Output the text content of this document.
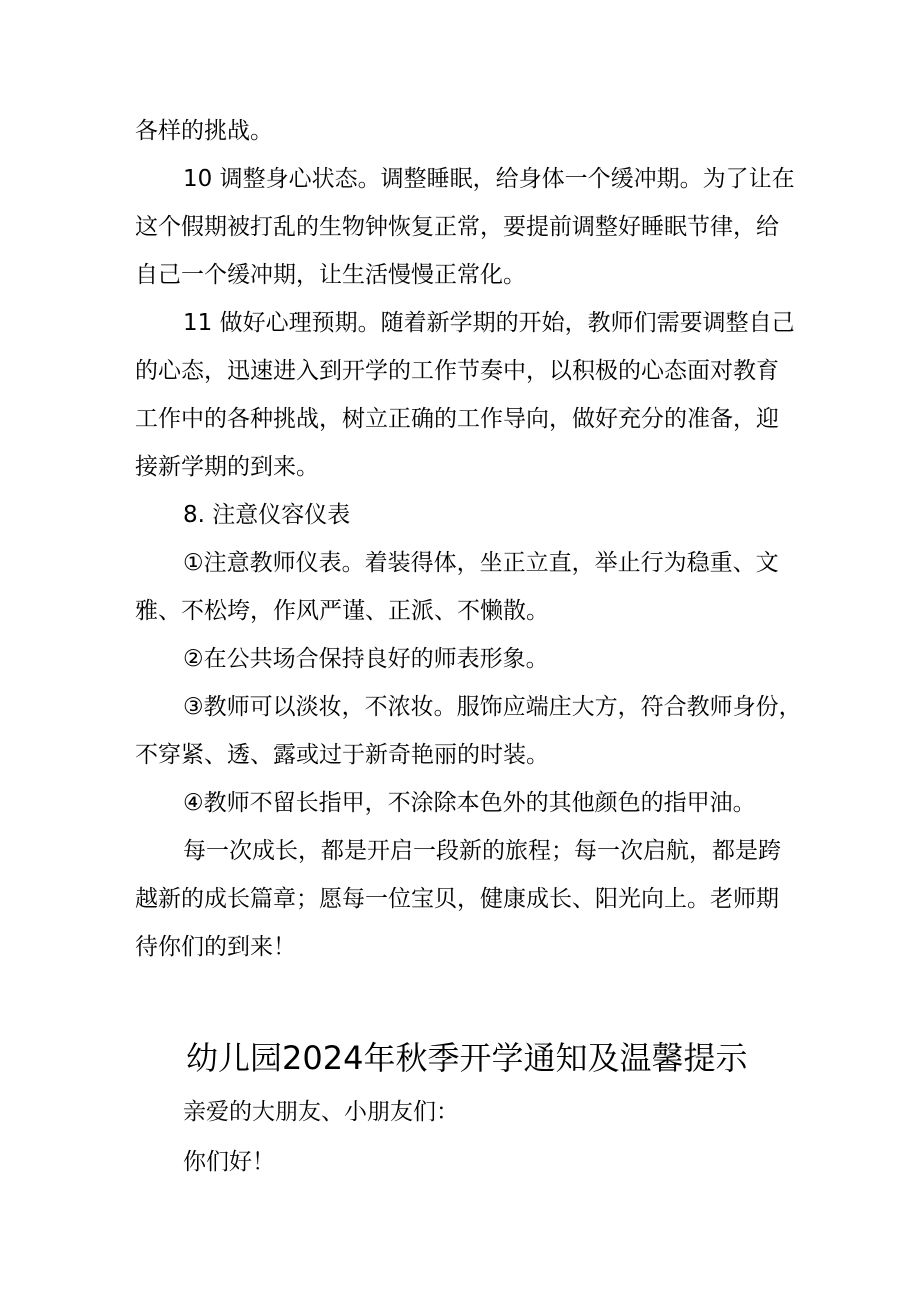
各样的挑战。
10 调整身心状态。调整睡眠，给身体一个缓冲期。为了让在
这个假期被打乱的生物钟恢复正常，要提前调整好睡眠节律，给
自己一个缓冲期，让生活慢慢正常化。
11 做好心理预期。随着新学期的开始，教师们需要调整自己
的心态，迅速进入到开学的工作节奏中，以积极的心态面对教育
工作中的各种挑战，树立正确的工作导向，做好充分的准备，迎
接新学期的到来。
8. 注意仪容仪表
①注意教师仪表。着装得体，坐正立直，举止行为稳重、文
雅、不松垮，作风严谨、正派、不懒散。
②在公共场合保持良好的师表形象。
③教师可以淡妆，不浓妆。服饰应端庄大方，符合教师身份，
不穿紧、透、露或过于新奇艳丽的时装。
④教师不留长指甲，不涂除本色外的其他颜色的指甲油。
每一次成长，都是开启一段新的旅程；每一次启航，都是跨
越新的成长篇章；愿每一位宝贝，健康成长、阳光向上。老师期
待你们的到来！
幼儿园2024年秋季开学通知及温馨提示
亲爱的大朋友、小朋友们：
你们好！
